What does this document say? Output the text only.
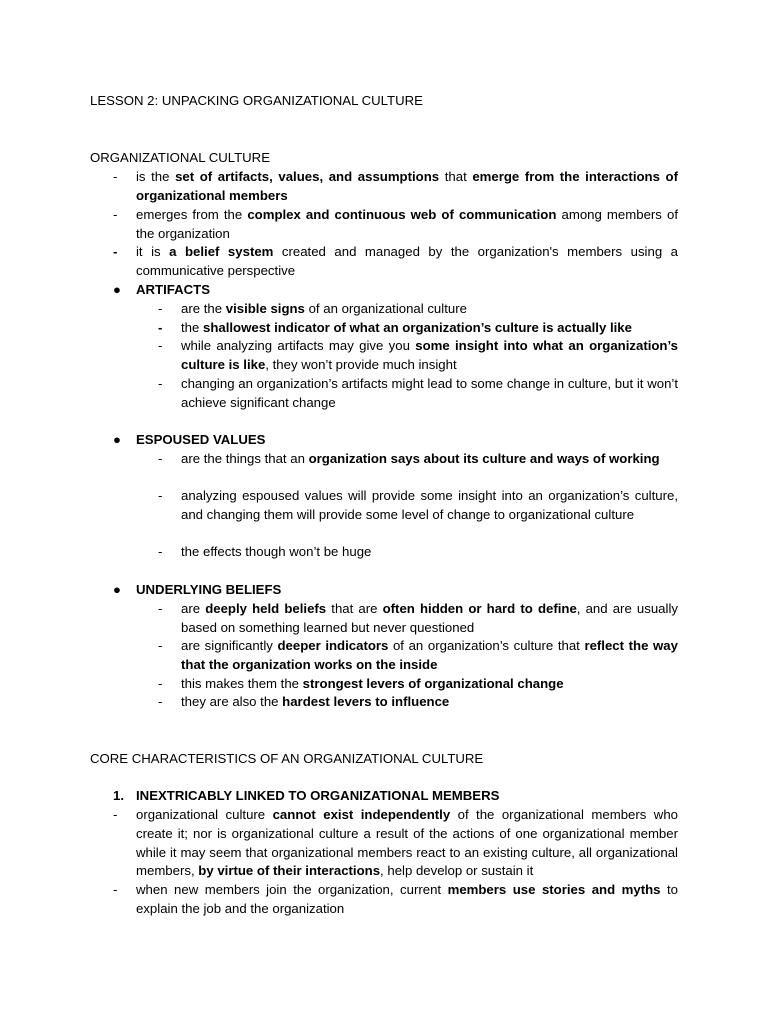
LESSON 2: UNPACKING ORGANIZATIONAL CULTURE
ORGANIZATIONAL CULTURE
- is the set of artifacts, values, and assumptions that emerge from the interactions of organizational members
- emerges from the complex and continuous web of communication among members of the organization
- it is a belief system created and managed by the organization's members using a communicative perspective
● ARTIFACTS
- are the visible signs of an organizational culture
- the shallowest indicator of what an organization’s culture is actually like
- while analyzing artifacts may give you some insight into what an organization’s culture is like, they won’t provide much insight
- changing an organization’s artifacts might lead to some change in culture, but it won’t achieve significant change
● ESPOUSED VALUES
- are the things that an organization says about its culture and ways of working
- analyzing espoused values will provide some insight into an organization’s culture, and changing them will provide some level of change to organizational culture
- the effects though won’t be huge
● UNDERLYING BELIEFS
- are deeply held beliefs that are often hidden or hard to define, and are usually based on something learned but never questioned
- are significantly deeper indicators of an organization’s culture that reflect the way that the organization works on the inside
- this makes them the strongest levers of organizational change
- they are also the hardest levers to influence
CORE CHARACTERISTICS OF AN ORGANIZATIONAL CULTURE
1. INEXTRICABLY LINKED TO ORGANIZATIONAL MEMBERS
- organizational culture cannot exist independently of the organizational members who create it; nor is organizational culture a result of the actions of one organizational member while it may seem that organizational members react to an existing culture, all organizational members, by virtue of their interactions, help develop or sustain it
- when new members join the organization, current members use stories and myths to explain the job and the organization
